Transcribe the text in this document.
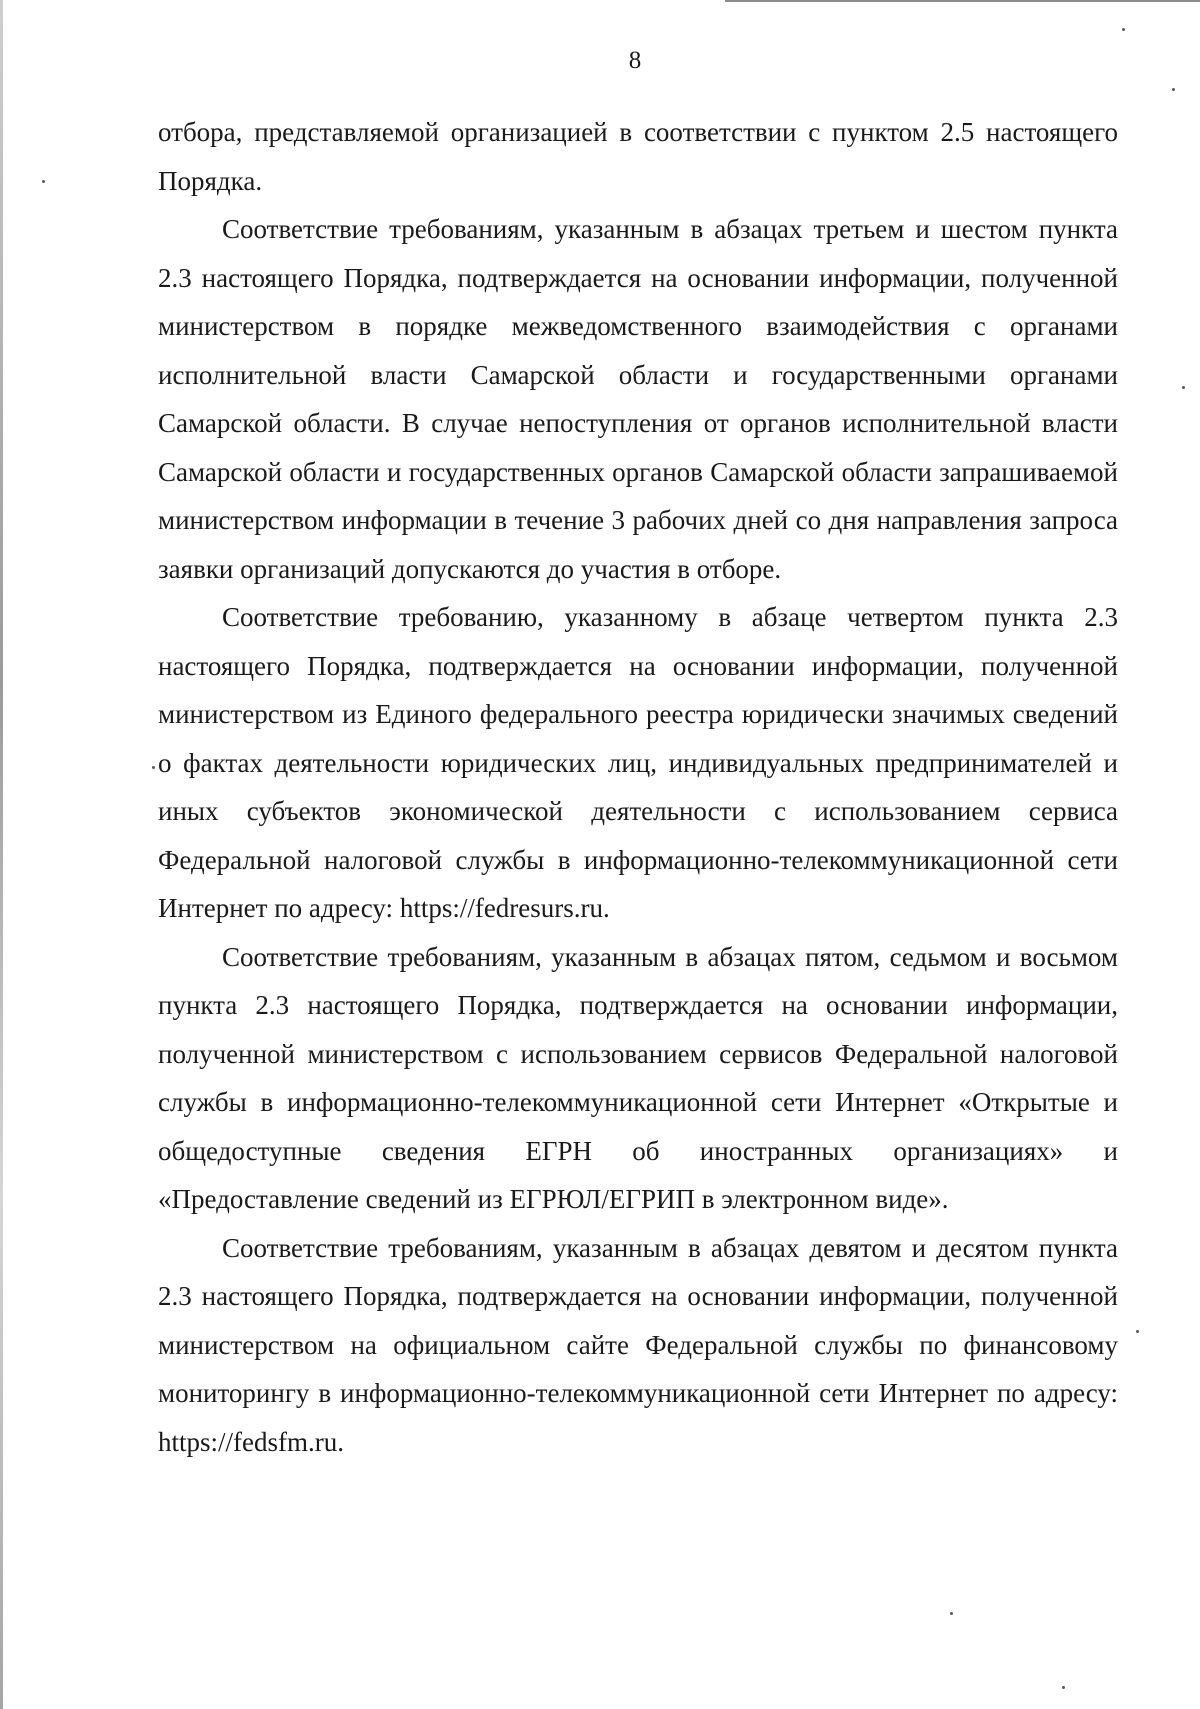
8

отбора, представляемой организацией в соответствии с пунктом 2.5 настоящего Порядка.

Соответствие требованиям, указанным в абзацах третьем и шестом пункта 2.3 настоящего Порядка, подтверждается на основании информации, полученной министерством в порядке межведомственного взаимодействия с органами исполнительной власти Самарской области и государственными органами Самарской области. В случае непоступления от органов исполнительной власти Самарской области и государственных органов Самарской области запрашиваемой министерством информации в течение 3 рабочих дней со дня направления запроса заявки организаций допускаются до участия в отборе.

Соответствие требованию, указанному в абзаце четвертом пункта 2.3 настоящего Порядка, подтверждается на основании информации, полученной министерством из Единого федерального реестра юридически значимых сведений о фактах деятельности юридических лиц, индивидуальных предпринимателей и иных субъектов экономической деятельности с использованием сервиса Федеральной налоговой службы в информационно-телекоммуникационной сети Интернет по адресу: https://fedresurs.ru.

Соответствие требованиям, указанным в абзацах пятом, седьмом и восьмом пункта 2.3 настоящего Порядка, подтверждается на основании информации, полученной министерством с использованием сервисов Федеральной налоговой службы в информационно-телекоммуникационной сети Интернет «Открытые и общедоступные сведения ЕГРН об иностранных организациях» и «Предоставление сведений из ЕГРЮЛ/ЕГРИП в электронном виде».

Соответствие требованиям, указанным в абзацах девятом и десятом пункта 2.3 настоящего Порядка, подтверждается на основании информации, полученной министерством на официальном сайте Федеральной службы по финансовому мониторингу в информационно-телекоммуникационной сети Интернет по адресу: https://fedsfm.ru.
